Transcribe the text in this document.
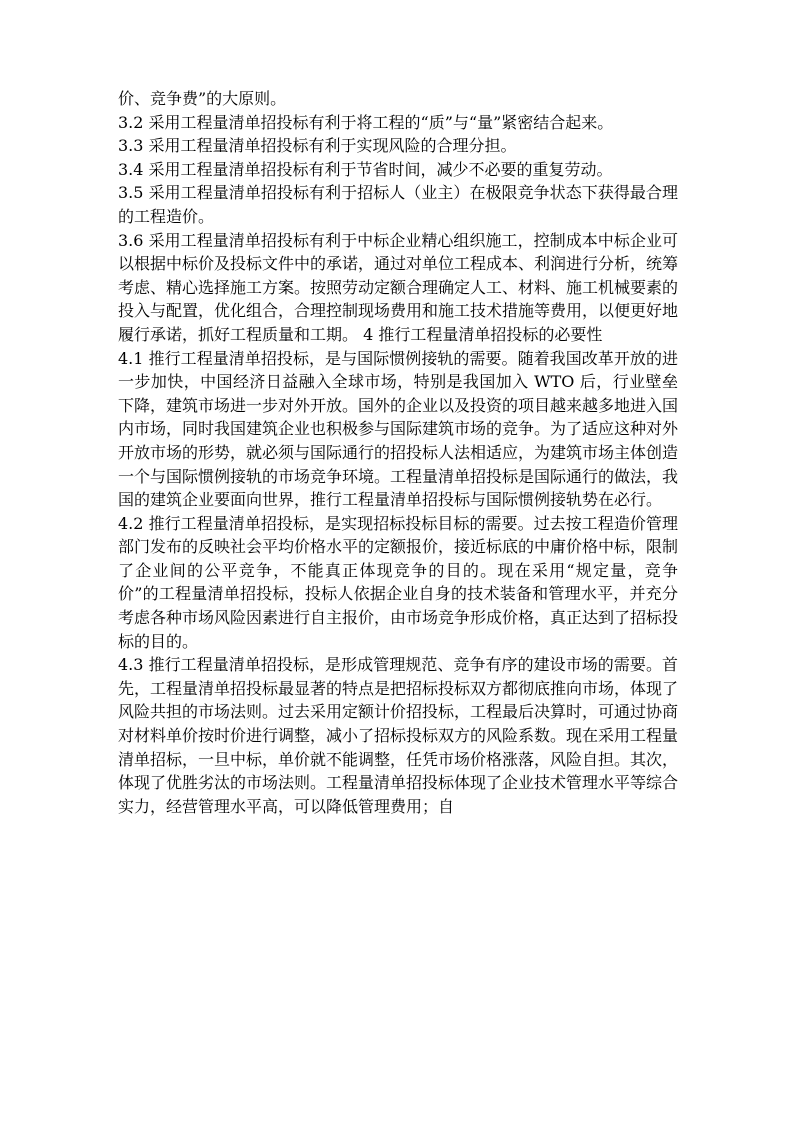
价、竞争费”的大原则。

3.2 采用工程量清单招投标有利于将工程的“质”与“量”紧密结合起来。

3.3 采用工程量清单招投标有利于实现风险的合理分担。

3.4 采用工程量清单招投标有利于节省时间，减少不必要的重复劳动。

3.5 采用工程量清单招投标有利于招标人（业主）在极限竞争状态下获得最合理的工程造价。

3.6 采用工程量清单招投标有利于中标企业精心组织施工，控制成本中标企业可以根据中标价及投标文件中的承诺，通过对单位工程成本、利润进行分析，统筹考虑、精心选择施工方案。按照劳动定额合理确定人工、材料、施工机械要素的投入与配置，优化组合，合理控制现场费用和施工技术措施等费用，以便更好地履行承诺，抓好工程质量和工期。 4 推行工程量清单招投标的必要性

4.1 推行工程量清单招投标，是与国际惯例接轨的需要。随着我国改革开放的进一步加快，中国经济日益融入全球市场，特别是我国加入 WTO 后，行业壁垒下降，建筑市场进一步对外开放。国外的企业以及投资的项目越来越多地进入国内市场，同时我国建筑企业也积极参与国际建筑市场的竞争。为了适应这种对外开放市场的形势，就必须与国际通行的招投标人法相适应，为建筑市场主体创造一个与国际惯例接轨的市场竞争环境。工程量清单招投标是国际通行的做法，我国的建筑企业要面向世界，推行工程量清单招投标与国际惯例接轨势在必行。

4.2 推行工程量清单招投标，是实现招标投标目标的需要。过去按工程造价管理部门发布的反映社会平均价格水平的定额报价，接近标底的中庸价格中标，限制了企业间的公平竞争，不能真正体现竞争的目的。现在采用“规定量，竞争价”的工程量清单招投标，投标人依据企业自身的技术装备和管理水平，并充分考虑各种市场风险因素进行自主报价，由市场竞争形成价格，真正达到了招标投标的目的。

4.3 推行工程量清单招投标，是形成管理规范、竞争有序的建设市场的需要。首先，工程量清单招投标最显著的特点是把招标投标双方都彻底推向市场，体现了风险共担的市场法则。过去采用定额计价招投标，工程最后决算时，可通过协商对材料单价按时价进行调整，减小了招标投标双方的风险系数。现在采用工程量清单招标，一旦中标，单价就不能调整，任凭市场价格涨落，风险自担。其次，体现了优胜劣汰的市场法则。工程量清单招投标体现了企业技术管理水平等综合实力，经营管理水平高，可以降低管理费用；自
